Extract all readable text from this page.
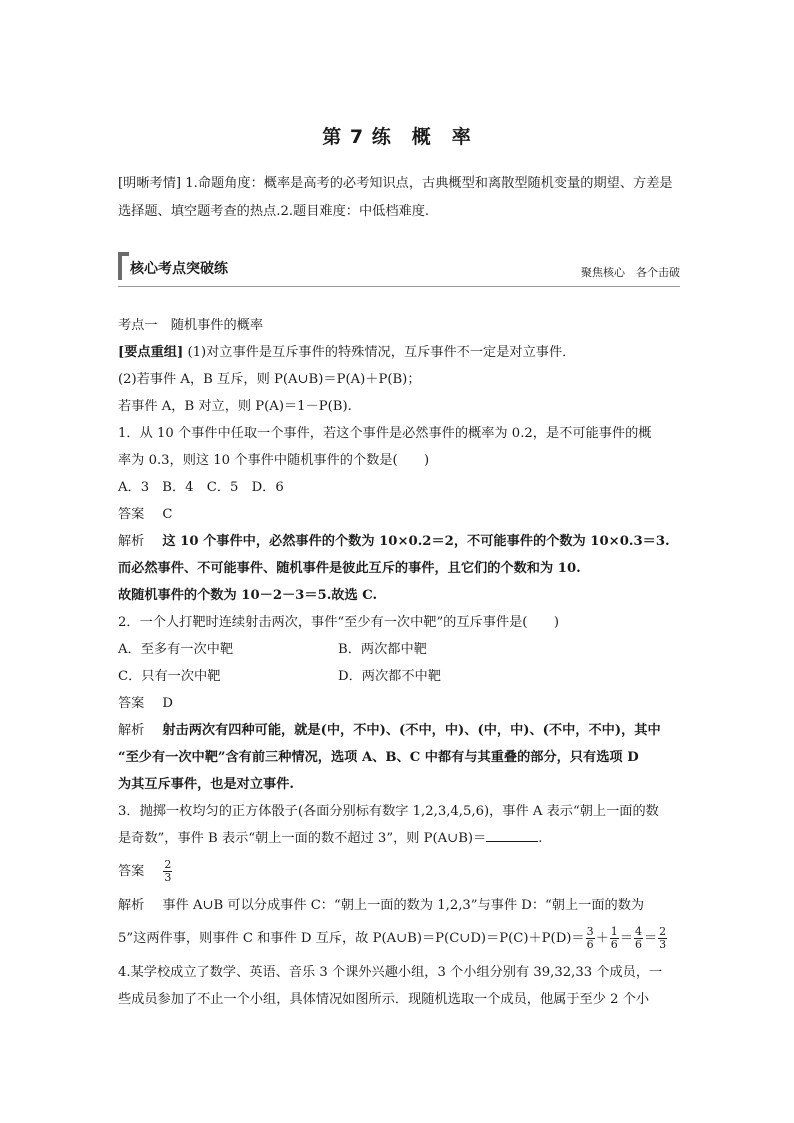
第 7 练　概　率
[明晰考情] 1.命题角度：概率是高考的必考知识点，古典概型和离散型随机变量的期望、方差是选择题、填空题考查的热点.2.题目难度：中低档难度.
核心考点突破练	聚焦核心　各个击破
考点一　随机事件的概率
[要点重组] (1)对立事件是互斥事件的特殊情况，互斥事件不一定是对立事件．
(2)若事件 A，B 互斥，则 P(A∪B)＝P(A)＋P(B)；
若事件 A，B 对立，则 P(A)＝1－P(B).
1．从 10 个事件中任取一个事件，若这个事件是必然事件的概率为 0.2，是不可能事件的概
率为 0.3，则这 10 个事件中随机事件的个数是(　　)
A．3　B．4　C．5　D．6
答案 C
解析 这 10 个事件中，必然事件的个数为 10×0.2＝2，不可能事件的个数为 10×0.3＝3.
而必然事件、不可能事件、随机事件是彼此互斥的事件，且它们的个数和为 10.
故随机事件的个数为 10－2－3＝5.故选 C.
2．一个人打靶时连续射击两次，事件“至少有一次中靶”的互斥事件是(　　)
A．至多有一次中靶	B．两次都中靶
C．只有一次中靶	D．两次都不中靶
答案 D
解析 射击两次有四种可能，就是(中，不中)、(不中，中)、(中，中)、(不中，不中)，其中
“至少有一次中靶”含有前三种情况，选项 A、B、C 中都有与其重叠的部分，只有选项 D
为其互斥事件，也是对立事件.
3．抛掷一枚均匀的正方体骰子(各面分别标有数字 1,2,3,4,5,6)，事件 A 表示“朝上一面的数
是奇数”，事件 B 表示“朝上一面的数不超过 3”，则 P(A∪B)＝	.
答案 $\frac{2}{3}$
解析 事件 A∪B 可以分成事件 C：“朝上一面的数为 1,2,3”与事件 D：“朝上一面的数为
5”这两件事，则事件 C 和事件 D 互斥，故 P(A∪B)＝P(C∪D)＝P(C)＋P(D)＝ $\frac{3}{6} + \frac{1}{6} = \frac{4}{6} = \frac{2}{3}$
4.某学校成立了数学、英语、音乐 3 个课外兴趣小组，3 个小组分别有 39,32,33 个成员，一
些成员参加了不止一个小组，具体情况如图所示．现随机选取一个成员，他属于至少 2 个小
